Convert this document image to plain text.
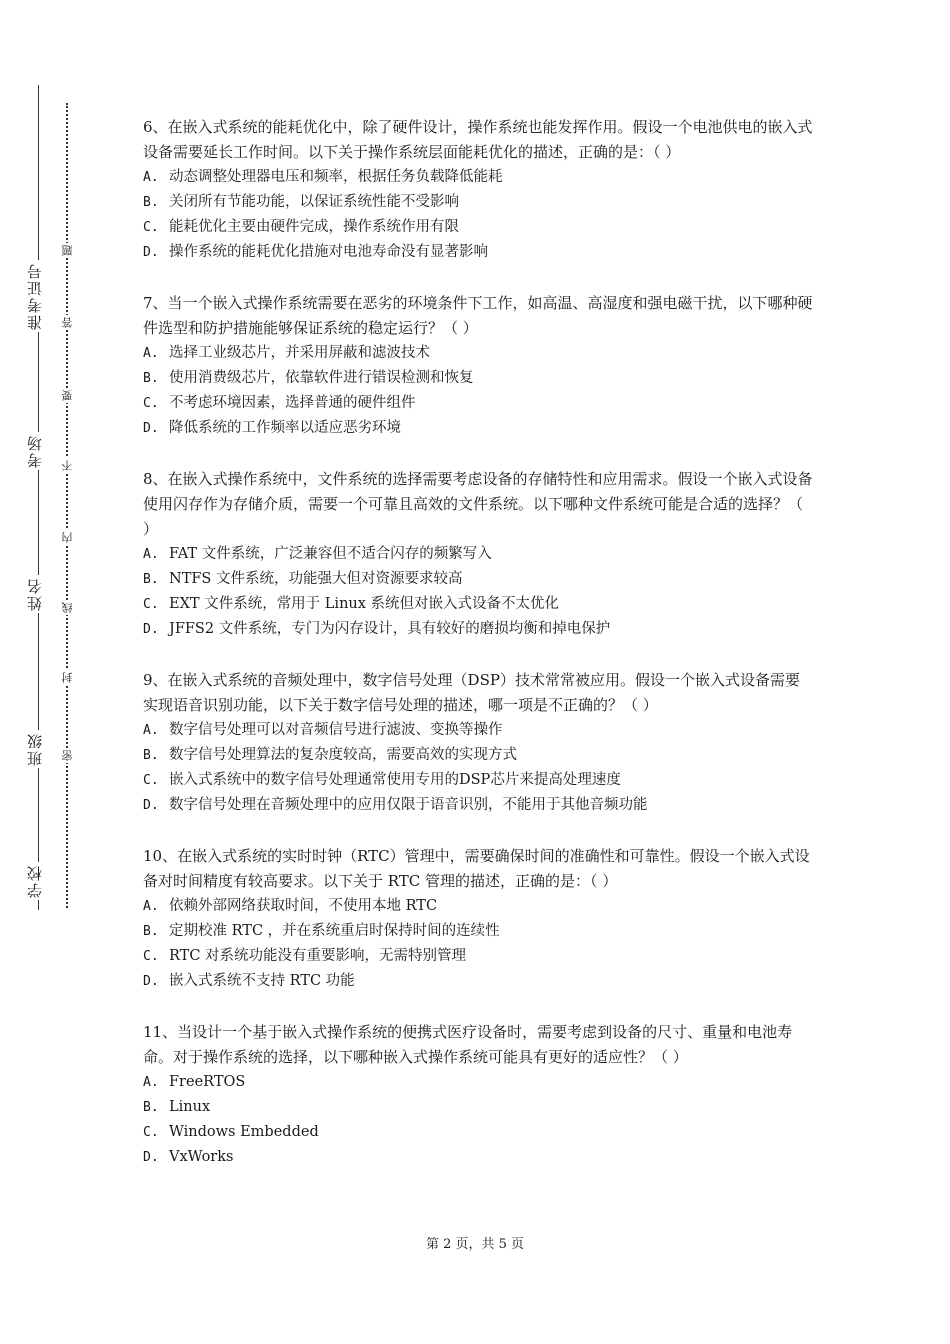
学校
班级
姓名
考场
准考证号
密
封
线
内
不
要
答
题

6、在嵌入式系统的能耗优化中，除了硬件设计，操作系统也能发挥作用。假设一个电池供电的嵌入式设备需要延长工作时间。以下关于操作系统层面能耗优化的描述，正确的是：（ ）

A. 动态调整处理器电压和频率，根据任务负载降低能耗

B. 关闭所有节能功能，以保证系统性能不受影响

C. 能耗优化主要由硬件完成，操作系统作用有限

D. 操作系统的能耗优化措施对电池寿命没有显著影响

7、当一个嵌入式操作系统需要在恶劣的环境条件下工作，如高温、高湿度和强电磁干扰，以下哪种硬件选型和防护措施能够保证系统的稳定运行？（ ）

A. 选择工业级芯片，并采用屏蔽和滤波技术

B. 使用消费级芯片，依靠软件进行错误检测和恢复

C. 不考虑环境因素，选择普通的硬件组件

D. 降低系统的工作频率以适应恶劣环境

8、在嵌入式操作系统中，文件系统的选择需要考虑设备的存储特性和应用需求。假设一个嵌入式设备使用闪存作为存储介质，需要一个可靠且高效的文件系统。以下哪种文件系统可能是合适的选择？（ ）

A. FAT 文件系统，广泛兼容但不适合闪存的频繁写入

B. NTFS 文件系统，功能强大但对资源要求较高

C. EXT 文件系统，常用于 Linux 系统但对嵌入式设备不太优化

D. JFFS2 文件系统，专门为闪存设计，具有较好的磨损均衡和掉电保护

9、在嵌入式系统的音频处理中，数字信号处理（DSP）技术常常被应用。假设一个嵌入式设备需要实现语音识别功能，以下关于数字信号处理的描述，哪一项是不正确的？（ ）

A. 数字信号处理可以对音频信号进行滤波、变换等操作

B. 数字信号处理算法的复杂度较高，需要高效的实现方式

C. 嵌入式系统中的数字信号处理通常使用专用的DSP芯片来提高处理速度

D. 数字信号处理在音频处理中的应用仅限于语音识别，不能用于其他音频功能

10、在嵌入式系统的实时时钟（RTC）管理中，需要确保时间的准确性和可靠性。假设一个嵌入式设备对时间精度有较高要求。以下关于 RTC 管理的描述，正确的是：（ ）

A. 依赖外部网络获取时间，不使用本地 RTC

B. 定期校准 RTC ，并在系统重启时保持时间的连续性

C. RTC 对系统功能没有重要影响，无需特别管理

D. 嵌入式系统不支持 RTC 功能

11、当设计一个基于嵌入式操作系统的便携式医疗设备时，需要考虑到设备的尺寸、重量和电池寿命。对于操作系统的选择，以下哪种嵌入式操作系统可能具有更好的适应性？（ ）

A. FreeRTOS

B. Linux

C. Windows Embedded

D. VxWorks

第 2 页，共 5 页
